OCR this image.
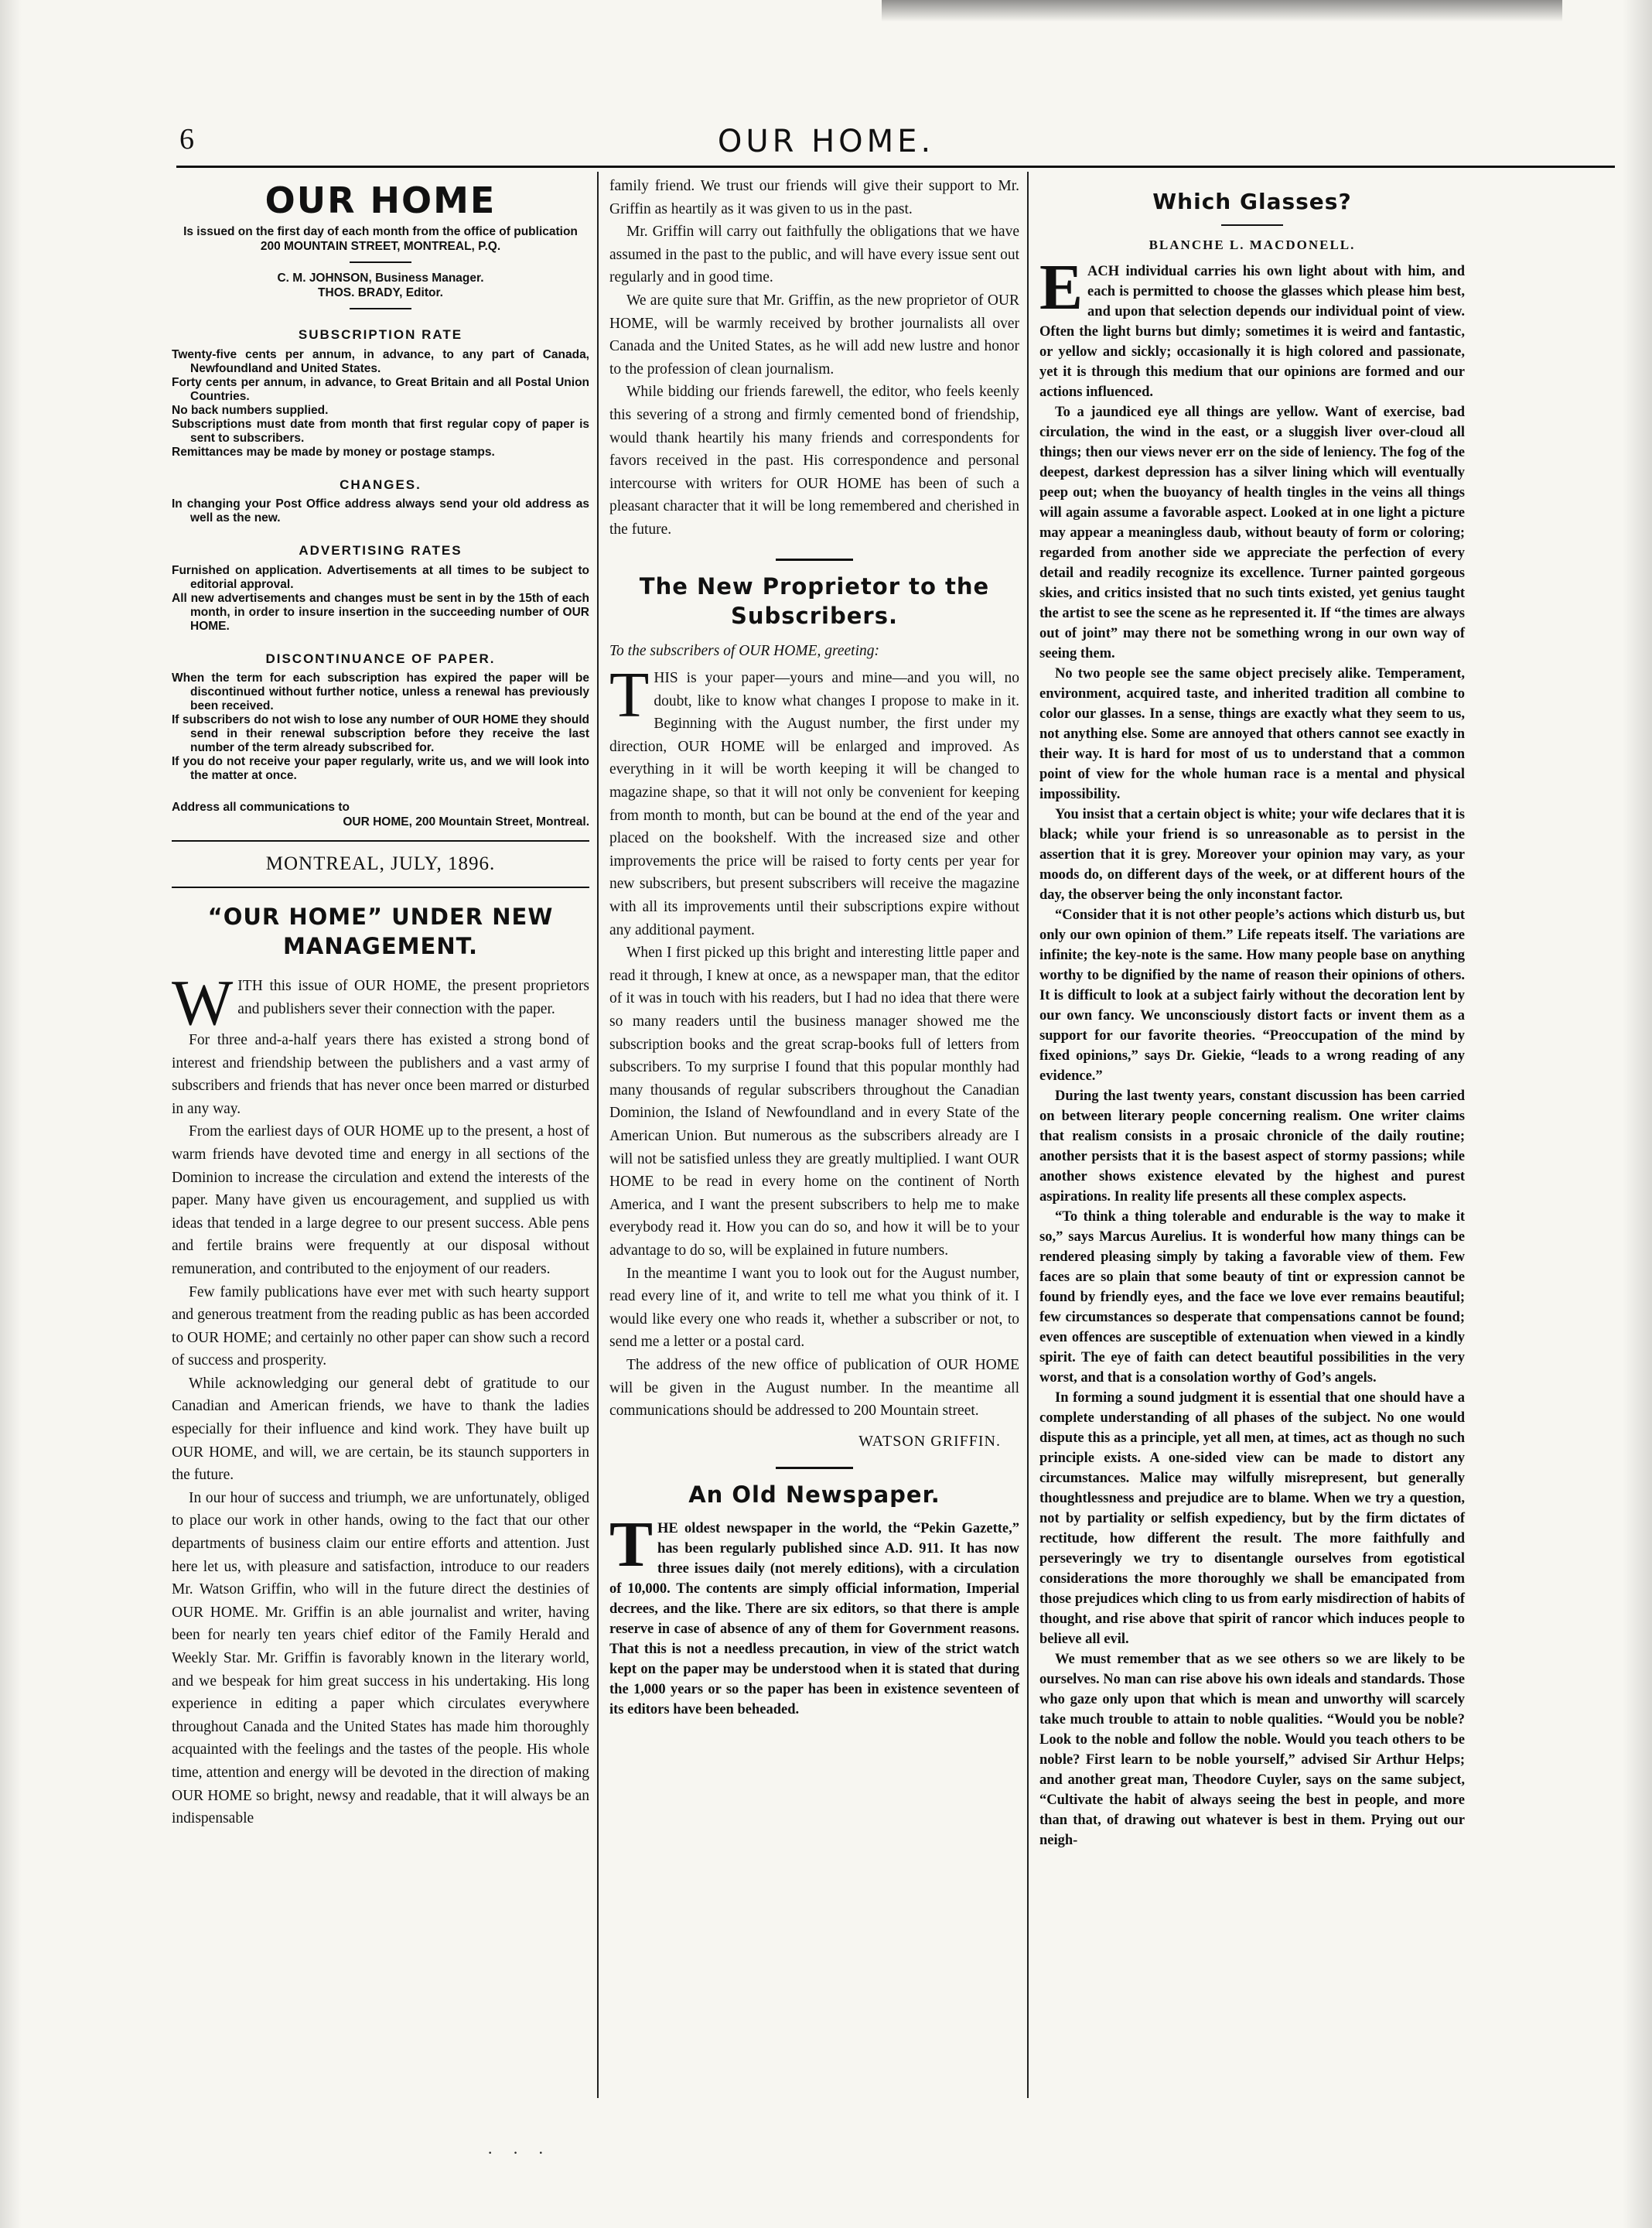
6	OUR HOME.
OUR HOME
Is issued on the first day of each month from the office of publication
200 MOUNTAIN STREET, MONTREAL, P.Q.
C. M. JOHNSON, Business Manager.
THOS. BRADY, Editor.
SUBSCRIPTION RATE
Twenty-five cents per annum, in advance, to any part of Canada, Newfoundland and United States.
Forty cents per annum, in advance, to Great Britain and all Postal Union Countries.
No back numbers supplied.
Subscriptions must date from month that first regular copy of paper is sent to subscribers.
Remittances may be made by money or postage stamps.
CHANGES.
In changing your Post Office address always send your old address as well as the new.
ADVERTISING RATES
Furnished on application. Advertisements at all times to be subject to editorial approval.
All new advertisements and changes must be sent in by the 15th of each month, in order to insure insertion in the succeeding number of OUR HOME.
DISCONTINUANCE OF PAPER.
When the term for each subscription has expired the paper will be discontinued without further notice, unless a renewal has previously been received.
If subscribers do not wish to lose any number of OUR HOME they should send in their renewal subscription before they receive the last number of the term already subscribed for.
If you do not receive your paper regularly, write us, and we will look into the matter at once.
Address all communications to
OUR HOME, 200 Mountain Street, Montreal.
MONTREAL, JULY, 1896.
“OUR HOME” UNDER NEW MANAGEMENT.

WITH this issue of OUR HOME, the present proprietors and publishers sever their connection with the paper.

For three and-a-half years there has existed a strong bond of interest and friendship between the publishers and a vast army of subscribers and friends that has never once been marred or disturbed in any way.

From the earliest days of OUR HOME up to the present, a host of warm friends have devoted time and energy in all sections of the Dominion to increase the circulation and extend the interests of the paper. Many have given us encouragement, and supplied us with ideas that tended in a large degree to our present success. Able pens and fertile brains were frequently at our disposal without remuneration, and contributed to the enjoyment of our readers.

Few family publications have ever met with such hearty support and generous treatment from the reading public as has been accorded to OUR HOME; and certainly no other paper can show such a record of success and prosperity.

While acknowledging our general debt of gratitude to our Canadian and American friends, we have to thank the ladies especially for their influence and kind work. They have built up OUR HOME, and will, we are certain, be its staunch supporters in the future.

In our hour of success and triumph, we are unfortunately, obliged to place our work in other hands, owing to the fact that our other departments of business claim our entire efforts and attention. Just here let us, with pleasure and satisfaction, introduce to our readers Mr. Watson Griffin, who will in the future direct the destinies of OUR HOME. Mr. Griffin is an able journalist and writer, having been for nearly ten years chief editor of the Family Herald and Weekly Star. Mr. Griffin is favorably known in the literary world, and we bespeak for him great success in his undertaking. His long experience in editing a paper which circulates everywhere throughout Canada and the United States has made him thoroughly acquainted with the feelings and the tastes of the people. His whole time, attention and energy will be devoted in the direction of making OUR HOME so bright, newsy and readable, that it will always be an indispensable

family friend. We trust our friends will give their support to Mr. Griffin as heartily as it was given to us in the past.

Mr. Griffin will carry out faithfully the obligations that we have assumed in the past to the public, and will have every issue sent out regularly and in good time.

We are quite sure that Mr. Griffin, as the new proprietor of OUR HOME, will be warmly received by brother journalists all over Canada and the United States, as he will add new lustre and honor to the profession of clean journalism.

While bidding our friends farewell, the editor, who feels keenly this severing of a strong and firmly cemented bond of friendship, would thank heartily his many friends and correspondents for favors received in the past. His correspondence and personal intercourse with writers for OUR HOME has been of such a pleasant character that it will be long remembered and cherished in the future.

The New Proprietor to the Subscribers.
To the subscribers of OUR HOME, greeting:

THIS is your paper—yours and mine—and you will, no doubt, like to know what changes I propose to make in it. Beginning with the August number, the first under my direction, OUR HOME will be enlarged and improved. As everything in it will be worth keeping it will be changed to magazine shape, so that it will not only be convenient for keeping from month to month, but can be bound at the end of the year and placed on the bookshelf. With the increased size and other improvements the price will be raised to forty cents per year for new subscribers, but present subscribers will receive the magazine with all its improvements until their subscriptions expire without any additional payment.

When I first picked up this bright and interesting little paper and read it through, I knew at once, as a newspaper man, that the editor of it was in touch with his readers, but I had no idea that there were so many readers until the business manager showed me the subscription books and the great scrap-books full of letters from subscribers. To my surprise I found that this popular monthly had many thousands of regular subscribers throughout the Canadian Dominion, the Island of Newfoundland and in every State of the American Union. But numerous as the subscribers already are I will not be satisfied unless they are greatly multiplied. I want OUR HOME to be read in every home on the continent of North America, and I want the present subscribers to help me to make everybody read it. How you can do so, and how it will be to your advantage to do so, will be explained in future numbers.

In the meantime I want you to look out for the August number, read every line of it, and write to tell me what you think of it. I would like every one who reads it, whether a subscriber or not, to send me a letter or a postal card.

The address of the new office of publication of OUR HOME will be given in the August number. In the meantime all communications should be addressed to 200 Mountain street.

WATSON GRIFFIN.
An Old Newspaper.

THE oldest newspaper in the world, the “Pekin Gazette,” has been regularly published since A.D. 911. It has now three issues daily (not merely editions), with a circulation of 10,000. The contents are simply official information, Imperial decrees, and the like. There are six editors, so that there is ample reserve in case of absence of any of them for Government reasons. That this is not a needless precaution, in view of the strict watch kept on the paper may be understood when it is stated that during the 1,000 years or so the paper has been in existence seventeen of its editors have been beheaded.

Which Glasses?
BLANCHE L. MACDONELL.

EACH individual carries his own light about with him, and each is permitted to choose the glasses which please him best, and upon that selection depends our individual point of view. Often the light burns but dimly; sometimes it is weird and fantastic, or yellow and sickly; occasionally it is high colored and passionate, yet it is through this medium that our opinions are formed and our actions influenced.

To a jaundiced eye all things are yellow. Want of exercise, bad circulation, the wind in the east, or a sluggish liver over-cloud all things; then our views never err on the side of leniency. The fog of the deepest, darkest depression has a silver lining which will eventually peep out; when the buoyancy of health tingles in the veins all things will again assume a favorable aspect. Looked at in one light a picture may appear a meaningless daub, without beauty of form or coloring; regarded from another side we appreciate the perfection of every detail and readily recognize its excellence. Turner painted gorgeous skies, and critics insisted that no such tints existed, yet genius taught the artist to see the scene as he represented it. If “the times are always out of joint” may there not be something wrong in our own way of seeing them.

No two people see the same object precisely alike. Temperament, environment, acquired taste, and inherited tradition all combine to color our glasses. In a sense, things are exactly what they seem to us, not anything else. Some are annoyed that others cannot see exactly in their way. It is hard for most of us to understand that a common point of view for the whole human race is a mental and physical impossibility.

You insist that a certain object is white; your wife declares that it is black; while your friend is so unreasonable as to persist in the assertion that it is grey. Moreover your opinion may vary, as your moods do, on different days of the week, or at different hours of the day, the observer being the only inconstant factor.

“Consider that it is not other people’s actions which disturb us, but only our own opinion of them.” Life repeats itself. The variations are infinite; the key-note is the same. How many people base on anything worthy to be dignified by the name of reason their opinions of others. It is difficult to look at a subject fairly without the decoration lent by our own fancy. We unconsciously distort facts or invent them as a support for our favorite theories. “Preoccupation of the mind by fixed opinions,” says Dr. Giekie, “leads to a wrong reading of any evidence.”

During the last twenty years, constant discussion has been carried on between literary people concerning realism. One writer claims that realism consists in a prosaic chronicle of the daily routine; another persists that it is the basest aspect of stormy passions; while another shows existence elevated by the highest and purest aspirations. In reality life presents all these complex aspects.

“To think a thing tolerable and endurable is the way to make it so,” says Marcus Aurelius. It is wonderful how many things can be rendered pleasing simply by taking a favorable view of them. Few faces are so plain that some beauty of tint or expression cannot be found by friendly eyes, and the face we love ever remains beautiful; few circumstances so desperate that compensations cannot be found; even offences are susceptible of extenuation when viewed in a kindly spirit. The eye of faith can detect beautiful possibilities in the very worst, and that is a consolation worthy of God’s angels.

In forming a sound judgment it is essential that one should have a complete understanding of all phases of the subject. No one would dispute this as a principle, yet all men, at times, act as though no such principle exists. A one-sided view can be made to distort any circumstances. Malice may wilfully misrepresent, but generally thoughtlessness and prejudice are to blame. When we try a question, not by partiality or selfish expediency, but by the firm dictates of rectitude, how different the result. The more faithfully and perseveringly we try to disentangle ourselves from egotistical considerations the more thoroughly we shall be emancipated from those prejudices which cling to us from early misdirection of habits of thought, and rise above that spirit of rancor which induces people to believe all evil.

We must remember that as we see others so we are likely to be ourselves. No man can rise above his own ideals and standards. Those who gaze only upon that which is mean and unworthy will scarcely take much trouble to attain to noble qualities. “Would you be noble? Look to the noble and follow the noble. Would you teach others to be noble? First learn to be noble yourself,” advised Sir Arthur Helps; and another great man, Theodore Cuyler, says on the same subject, “Cultivate the habit of always seeing the best in people, and more than that, of drawing out whatever is best in them. Prying out our neigh-

· · ·
